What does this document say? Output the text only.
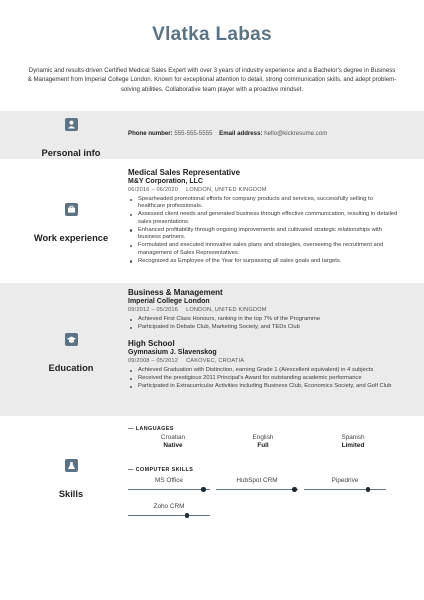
Vlatka Labas
Dynamic and results-driven Certified Medical Sales Expert with over 3 years of industry experience and a Bachelor's degree in Business & Management from Imperial College London. Known for exceptional attention to detail, strong communication skills, and adept problem-solving abilities. Collaborative team player with a proactive mindset.
Personal info
Phone number: 555-555-5555 Email address: hello@kickresume.com
Work experience
Medical Sales Representative
M&Y Corporation, LLC
06/2016 – 06/2020 LONDON, UNITED KINGDOM
Spearheaded promotional efforts for company products and services, successfully selling to healthcare professionals.
Assessed client needs and generated business through effective communication, resulting in detailed sales presentations.
Enhanced profitability through ongoing improvements and cultivated strategic relationships with business partners.
Formulated and executed innovative sales plans and strategies, overseeing the recruitment and management of Sales Representatives.
Recognized as Employee of the Year for surpassing all sales goals and targets.
Education
Business & Management
Imperial College London
09/2012 – 05/2016 LONDON, UNITED KINGDOM
Achieved First Class Honours, ranking in the top 7% of the Programme
Participated in Debate Club, Marketing Society, and TEDx Club
High School
Gymnasium J. Slavenskog
09/2008 – 05/2012 CAKOVEC, CROATIA
Achieved Graduation with Distinction, earning Grade 1 (A/excellent equivalent) in 4 subjects
Received the prestigious 2011 Principal's Award for outstanding academic performance
Participated in Extracurricular Activities including Business Club, Economics Society, and Golf Club
Skills
— LANGUAGES
Croatian
Native
English
Full
Spanish
Limited
— COMPUTER SKILLS
MS Office	HubSpot CRM	Pipedrive
Zoho CRM
